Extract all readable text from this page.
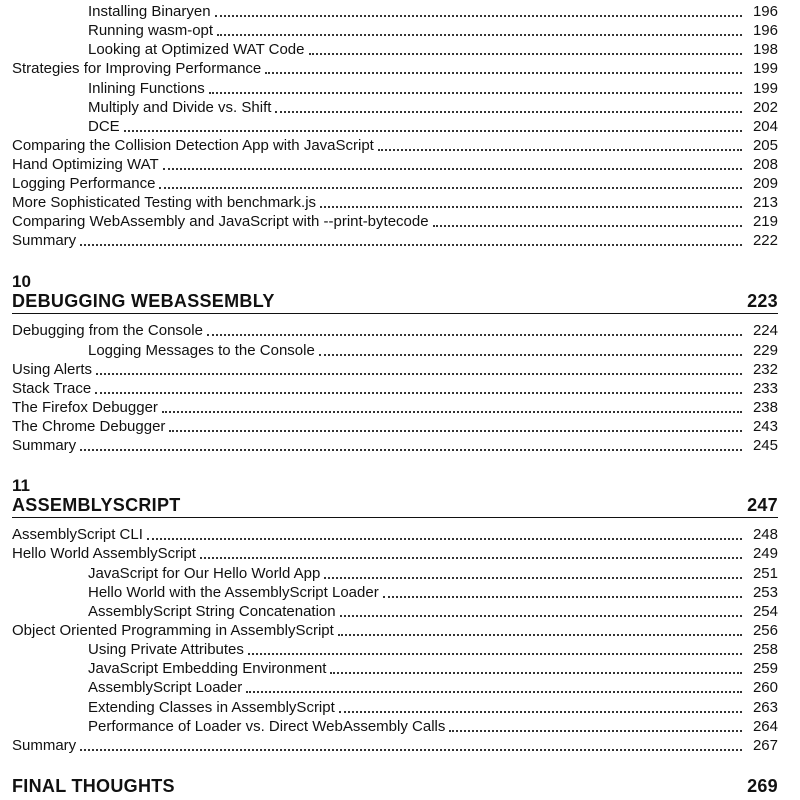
Installing Binaryen	196
Running wasm-opt	196
Looking at Optimized WAT Code	198
Strategies for Improving Performance	199
Inlining Functions	199
Multiply and Divide vs. Shift	202
DCE	204
Comparing the Collision Detection App with JavaScript	205
Hand Optimizing WAT	208
Logging Performance	209
More Sophisticated Testing with benchmark.js	213
Comparing WebAssembly and JavaScript with --print-bytecode	219
Summary	222
10
DEBUGGING WEBASSEMBLY	223
Debugging from the Console	224
Logging Messages to the Console	229
Using Alerts	232
Stack Trace	233
The Firefox Debugger	238
The Chrome Debugger	243
Summary	245
11
ASSEMBLYSCRIPT	247
AssemblyScript CLI	248
Hello World AssemblyScript	249
JavaScript for Our Hello World App	251
Hello World with the AssemblyScript Loader	253
AssemblyScript String Concatenation	254
Object Oriented Programming in AssemblyScript	256
Using Private Attributes	258
JavaScript Embedding Environment	259
AssemblyScript Loader	260
Extending Classes in AssemblyScript	263
Performance of Loader vs. Direct WebAssembly Calls	264
Summary	267
FINAL THOUGHTS	269
